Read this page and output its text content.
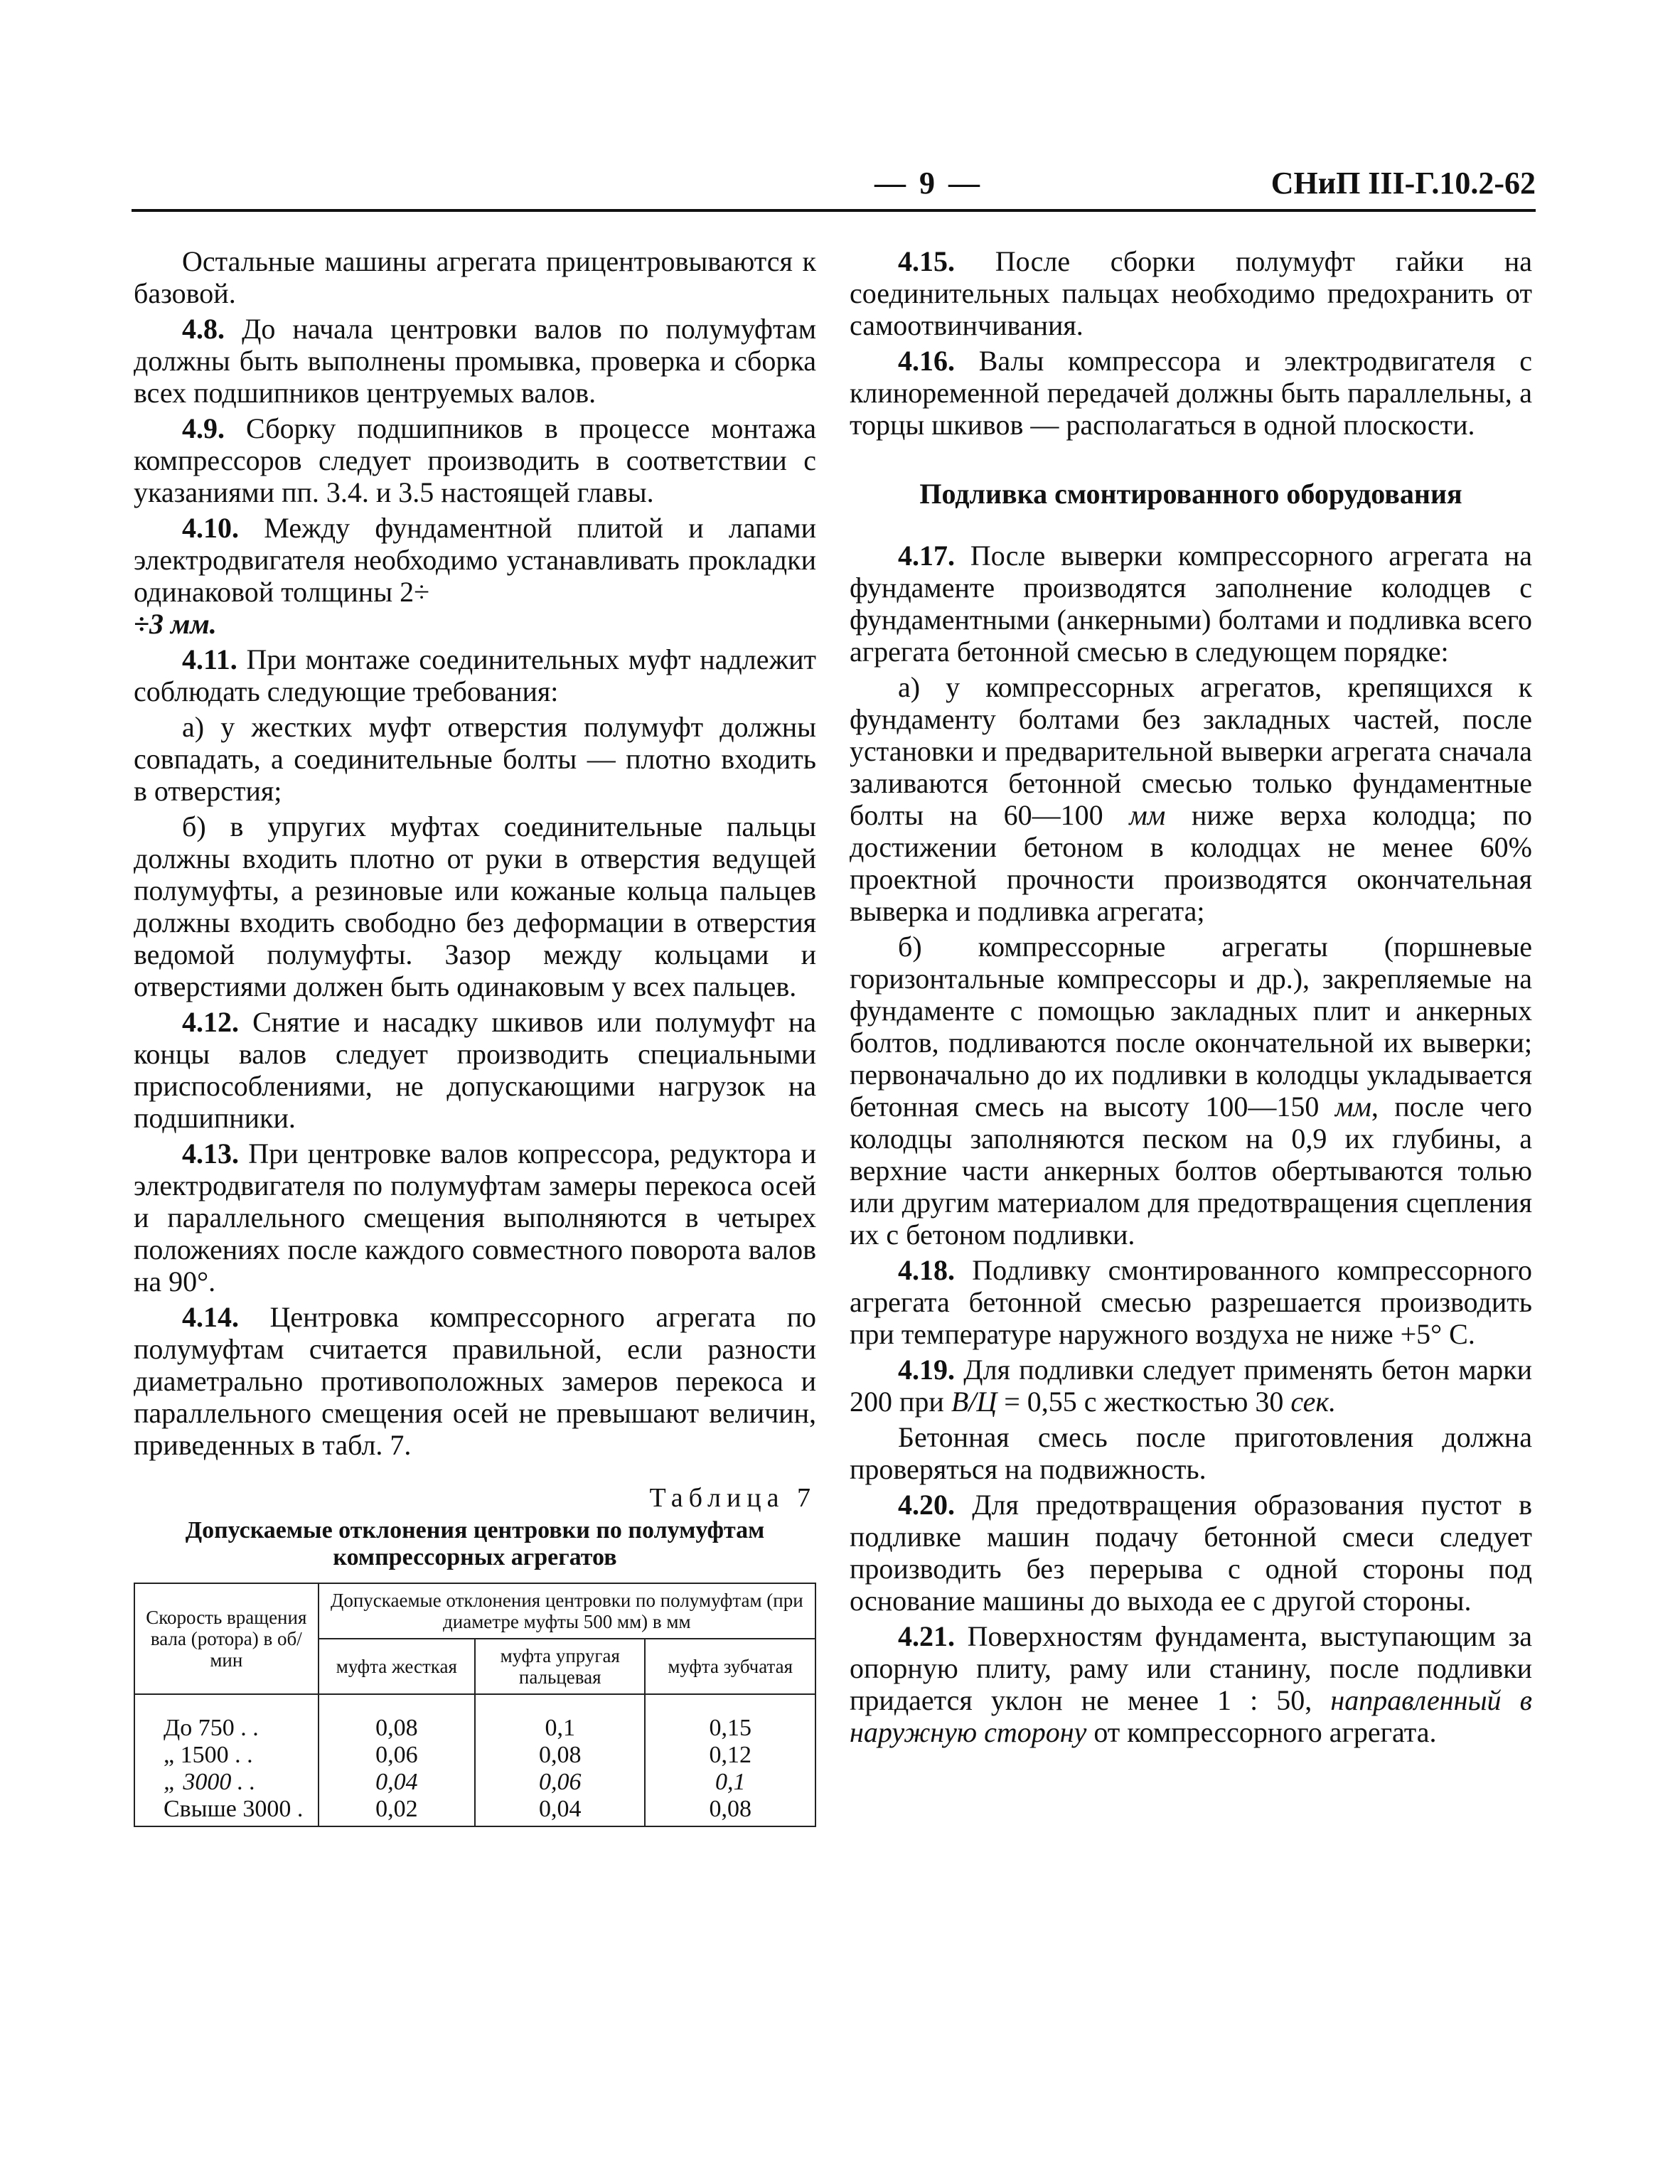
— 9 —	СНиП III-Г.10.2-62

Остальные машины агрегата прицентровываются к базовой.

4.8. До начала центровки валов по полумуфтам должны быть выполнены промывка, проверка и сборка всех подшипников центруемых валов.

4.9. Сборку подшипников в процессе монтажа компрессоров следует производить в соответствии с указаниями пп. 3.4. и 3.5 настоящей главы.

4.10. Между фундаментной плитой и лапами электродвигателя необходимо устанавливать прокладки одинаковой толщины 2÷
÷3 мм.

4.11. При монтаже соединительных муфт надлежит соблюдать следующие требования:

а) у жестких муфт отверстия полумуфт должны совпадать, а соединительные болты — плотно входить в отверстия;

б) в упругих муфтах соединительные пальцы должны входить плотно от руки в отверстия ведущей полумуфты, а резиновые или кожаные кольца пальцев должны входить свободно без деформации в отверстия ведомой полумуфты. Зазор между кольцами и отверстиями должен быть одинаковым у всех пальцев.

4.12. Снятие и насадку шкивов или полумуфт на концы валов следует производить специальными приспособлениями, не допускающими нагрузок на подшипники.

4.13. При центровке валов копрессора, редуктора и электродвигателя по полумуфтам замеры перекоса осей и параллельного смещения выполняются в четырех положениях после каждого совместного поворота валов на 90°.

4.14. Центровка компрессорного агрегата по полумуфтам считается правильной, если разности диаметрально противоположных замеров перекоса и параллельного смещения осей не превышают величин, приведенных в табл. 7.

Таблица 7

Допускаемые отклонения центровки по полумуфтам компрессорных агрегатов

Скорость вращения вала (ротора) в об/мин	Допускаемые отклонения центровки по полумуфтам (при диаметре муфты 500 мм) в мм		
	муфта жесткая	муфта упругая пальцевая	муфта зубчатая
До 750 . .	0,08	0,1	0,15
„ 1500 . .	0,06	0,08	0,12
„ 3000 . .	0,04	0,06	0,1
Свыше 3000 .	0,02	0,04	0,08

4.15. После сборки полумуфт гайки на соединительных пальцах необходимо предохранить от самоотвинчивания.

4.16. Валы компрессора и электродвигателя с клиноременной передачей должны быть параллельны, а торцы шкивов — располагаться в одной плоскости.

Подливка смонтированного оборудования

4.17. После выверки компрессорного агрегата на фундаменте производятся заполнение колодцев с фундаментными (анкерными) болтами и подливка всего агрегата бетонной смесью в следующем порядке:

а) у компрессорных агрегатов, крепящихся к фундаменту болтами без закладных частей, после установки и предварительной выверки агрегата сначала заливаются бетонной смесью только фундаментные болты на 60—100 мм ниже верха колодца; по достижении бетоном в колодцах не менее 60% проектной прочности производятся окончательная выверка и подливка агрегата;

б) компрессорные агрегаты (поршневые горизонтальные компрессоры и др.), закрепляемые на фундаменте с помощью закладных плит и анкерных болтов, подливаются после окончательной их выверки; первоначально до их подливки в колодцы укладывается бетонная смесь на высоту 100—150 мм, после чего колодцы заполняются песком на 0,9 их глубины, а верхние части анкерных болтов обертываются толью или другим материалом для предотвращения сцепления их с бетоном подливки.

4.18. Подливку смонтированного компрессорного агрегата бетонной смесью разрешается производить при температуре наружного воздуха не ниже +5° С.

4.19. Для подливки следует применять бетон марки 200 при В/Ц = 0,55 с жесткостью 30 сек.

Бетонная смесь после приготовления должна проверяться на подвижность.

4.20. Для предотвращения образования пустот в подливке машин подачу бетонной смеси следует производить без перерыва с одной стороны под основание машины до выхода ее с другой стороны.

4.21. Поверхностям фундамента, выступающим за опорную плиту, раму или станину, после подливки придается уклон не менее 1 : 50, направленный в наружную сторону от компрессорного агрегата.
